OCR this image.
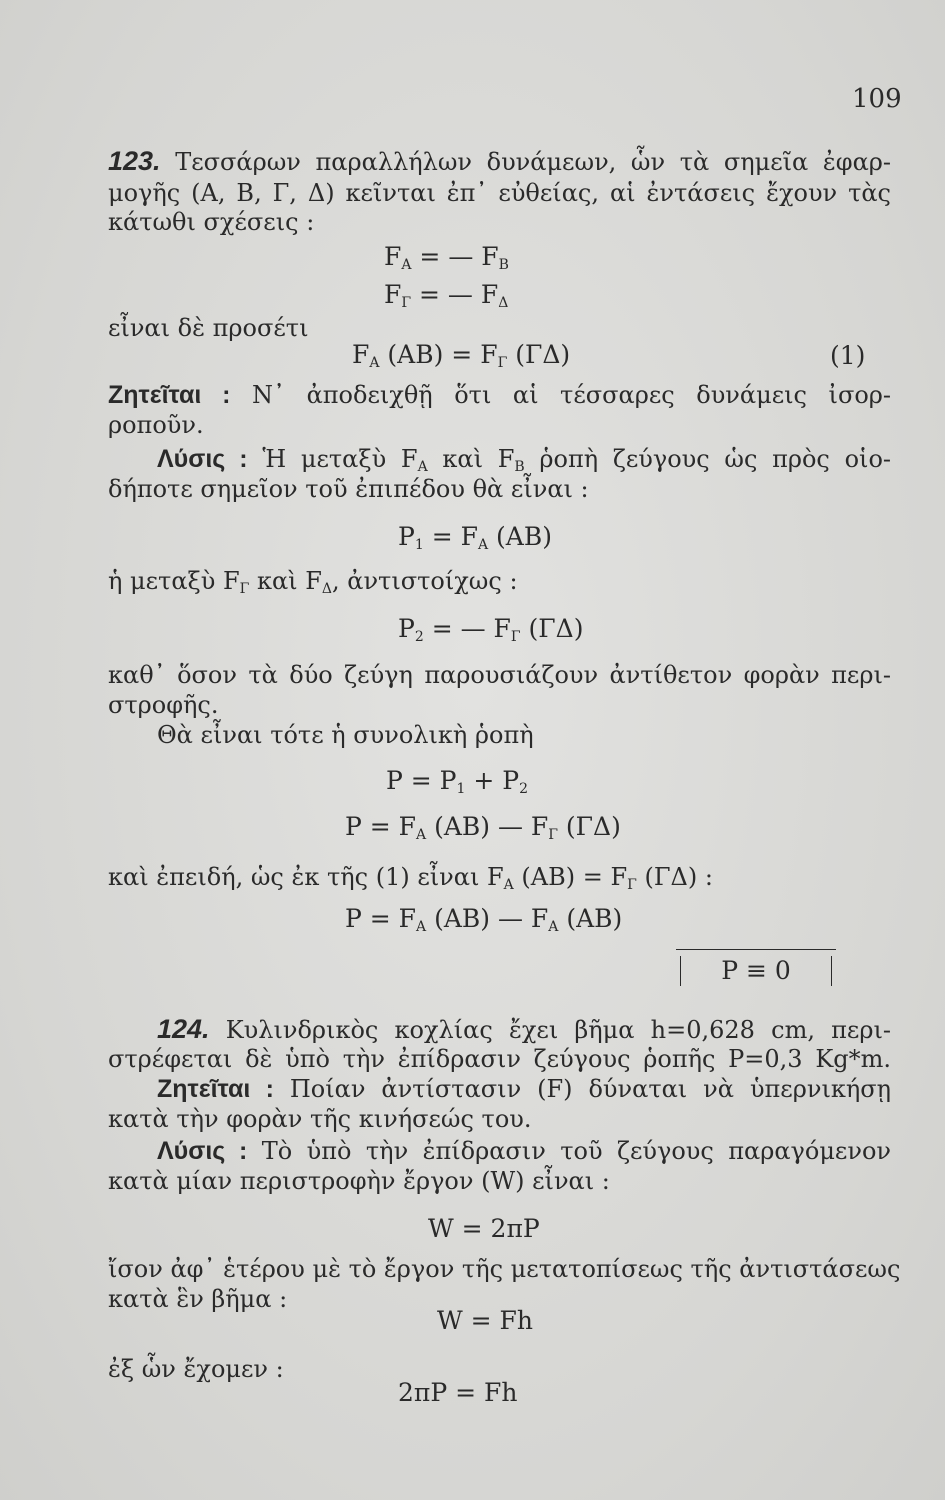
109
123. Τεσσάρων παραλλήλων δυνάμεων, ὧν τὰ σημεῖα ἐφαρ-
μογῆς (Α, Β, Γ, Δ) κεῖνται ἐπ᾽ εὐθείας, αἱ ἐντάσεις ἔχουν τὰς
κάτωθι σχέσεις :
$F_A$ = — $F_B$
$F_\Gamma$ = — $F_\Delta$
εἶναι δὲ προσέτι
$F_A$ $(AB) = F_\Gamma$ (ΓΔ)	(1)
Ζητεῖται : Ν᾽ ἀποδειχθῇ ὅτι αἱ τέσσαρες δυνάμεις ἰσορ-
ροποῦν.
Λύσις : Ἡ μεταξὺ $F_A$ καὶ $F_B$ ῥοπὴ ζεύγους ὡς πρὸς οἱο-
δήποτε σημεῖον τοῦ ἐπιπέδου θὰ εἶναι :
$P_1 = F_A$ (ΑΒ)
ἡ μεταξὺ $F_\Gamma$ καὶ $F_\Delta$, ἀντιστοίχως :
$P_2$ = — $F_\Gamma$ (ΓΔ)
καθ᾽ ὅσον τὰ δύο ζεύγη παρουσιάζουν ἀντίθετον φορὰν περι-
στροφῆς.
Θὰ εἶναι τότε ἡ συνολικὴ ῥοπὴ
$P = P_1 + P_2$
$P = F_A$ (ΑΒ) — $F_\Gamma$ (ΓΔ)
καὶ ἐπειδή, ὡς ἐκ τῆς (1) εἶναι $F_A$ $(AB) = F_\Gamma$ (ΓΔ) :
$P = F_A$ (ΑΒ) — $F_A$ (ΑΒ)
P ≡ 0
124. Κυλινδρικὸς κοχλίας ἔχει βῆμα h=0,628 cm, περι-
στρέφεται δὲ ὑπὸ τὴν ἐπίδρασιν ζεύγους ῥοπῆς P=0,3 Kg*m.
Ζητεῖται : Ποίαν ἀντίστασιν (F) δύναται νὰ ὑπερνικήσῃ
κατὰ τὴν φορὰν τῆς κινήσεώς του.
Λύσις : Τὸ ὑπὸ τὴν ἐπίδρασιν τοῦ ζεύγους παραγόμενον
κατὰ μίαν περιστροφὴν ἔργον (W) εἶναι :
W = 2πP
ἴσον ἀφ᾽ ἑτέρου μὲ τὸ ἔργον τῆς μετατοπίσεως τῆς ἀντιστάσεως
κατὰ ἓν βῆμα :
W = Fh
ἐξ ὧν ἔχομεν :
2πP = Fh
